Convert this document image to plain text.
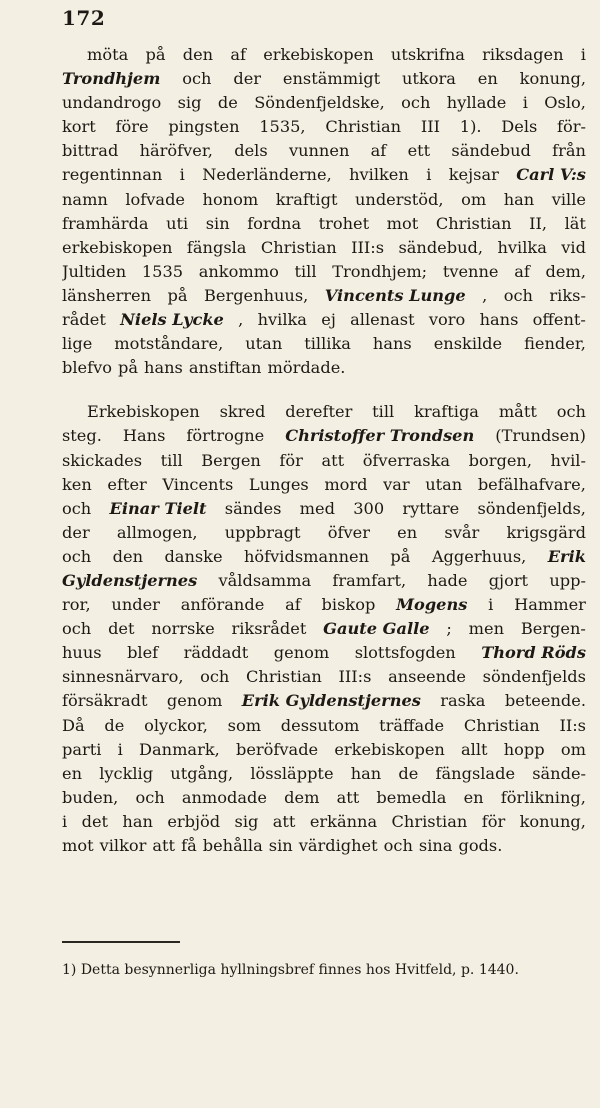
172
möta på den af erkebiskopen utskrifna riksdagen i
Trondhjem och der enstämmigt utkora en konung,
undandrogo sig de Söndenfjeldske, och hyllade i Oslo,
kort före pingsten 1535, Christian III 1). Dels för-
bittrad häröfver, dels vunnen af ett sändebud från
regentinnan i Nederländerne, hvilken i kejsar Carl V:s
namn lofvade honom kraftigt understöd, om han ville
framhärda uti sin fordna trohet mot Christian II, lät
erkebiskopen fängsla Christian III:s sändebud, hvilka vid
Jultiden 1535 ankommo till Trondhjem; tvenne af dem,
länsherren på Bergenhuus, Vincents Lunge , och riks-
rådet Niels Lycke , hvilka ej allenast voro hans offent-
lige motståndare, utan tillika hans enskilde fiender,
blefvo på hans anstiftan mördade.
Erkebiskopen skred derefter till kraftiga mått och
steg. Hans förtrogne Christoffer Trondsen (Trundsen)
skickades till Bergen för att öfverraska borgen, hvil-
ken efter Vincents Lunges mord var utan befälhafvare,
och Einar Tielt sändes med 300 ryttare söndenfjelds,
der allmogen, uppbragt öfver en svår krigsgärd
och den danske höfvidsmannen på Aggerhuus, Erik
Gyldenstjernes våldsamma framfart, hade gjort upp-
ror, under anförande af biskop Mogens i Hammer
och det norrske riksrådet Gaute Galle ; men Bergen-
huus blef räddadt genom slottsfogden Thord Röds
sinnesnärvaro, och Christian III:s anseende söndenfjelds
försäkradt genom Erik Gyldenstjernes raska beteende.
Då de olyckor, som dessutom träffade Christian II:s
parti i Danmark, beröfvade erkebiskopen allt hopp om
en lycklig utgång, lössläppte han de fängslade sände-
buden, och anmodade dem att bemedla en förlikning,
i det han erbjöd sig att erkänna Christian för konung,
mot vilkor att få behålla sin värdighet och sina gods.
1) Detta besynnerliga hyllningsbref finnes hos Hvitfeld, p. 1440.
